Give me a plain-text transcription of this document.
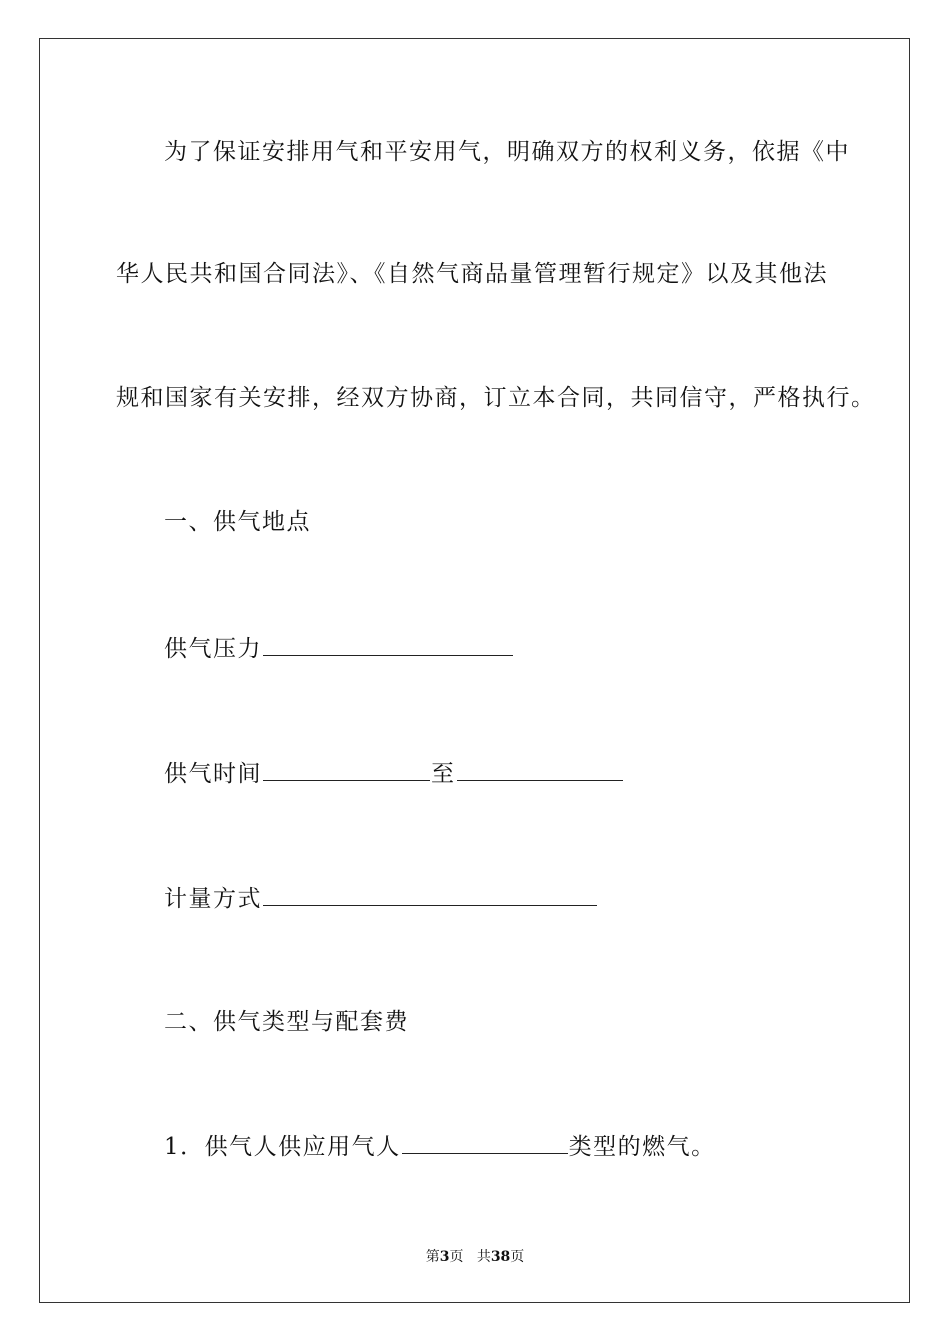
为了保证安排用气和平安用气，明确双方的权利义务，依据《中
华人民共和国合同法》、《自然气商品量管理暂行规定》以及其他法
规和国家有关安排，经双方协商，订立本合同，共同信守，严格执行。
一、供气地点
供气压力
供气时间	至
计量方式
二、供气类型与配套费
1．供气人供应用气人	类型的燃气。
第3页 共38页
